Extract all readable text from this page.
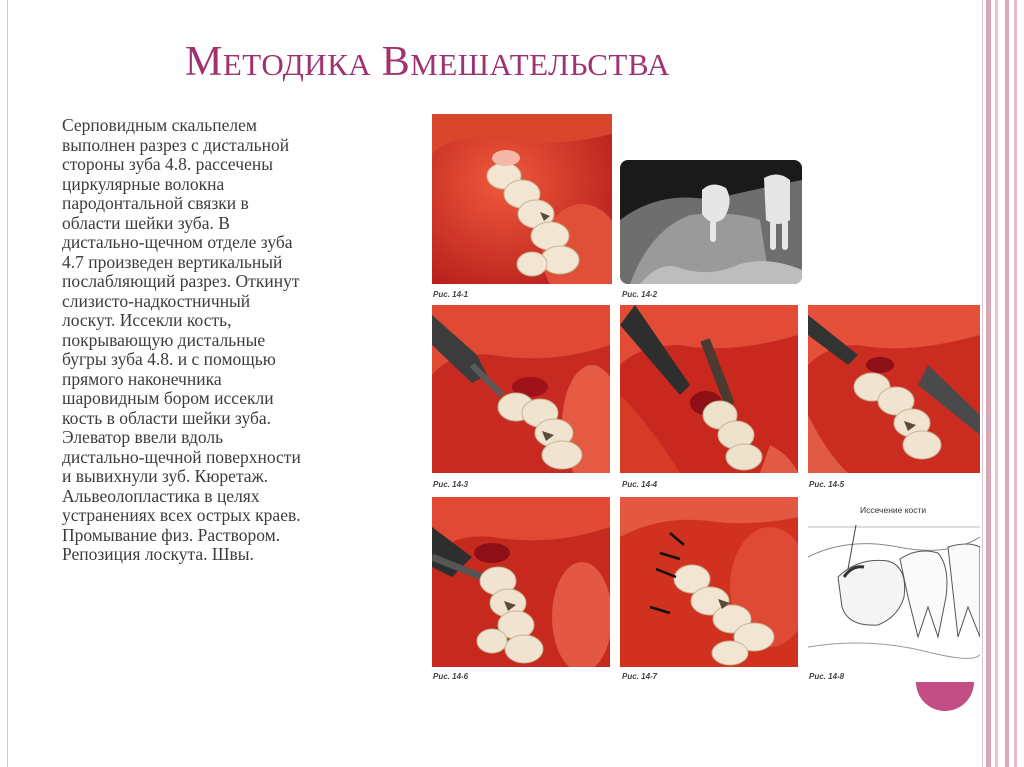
МЕТОДИКА ВМЕШАТЕЛЬСТВА
Серповидным скальпелем
выполнен разрез с дистальной
стороны зуба 4.8. рассечены
циркулярные волокна
пародонтальной связки в
области шейки зуба. В
дистально-щечном отделе зуба
4.7 произведен вертикальный
послабляющий разрез. Откинут
слизисто-надкостничный
лоскут. Иссекли кость,
покрывающую дистальные
бугры зуба 4.8. и с помощью
прямого наконечника
шаровидным бором иссекли
кость в области шейки зуба.
Элеватор ввели вдоль
дистально-щечной поверхности
и вывихнули зуб. Кюретаж.
Альвеолопластика в целях
устранениях всех острых краев.
Промывание физ. Раствором.
Репозиция лоскута. Швы.
Рис. 14-1	Рис. 14-2
Рис. 14-3	Рис. 14-4	Рис. 14-5
Рис. 14-6	Рис. 14-7
Иссечение кости
Рис. 14-8
